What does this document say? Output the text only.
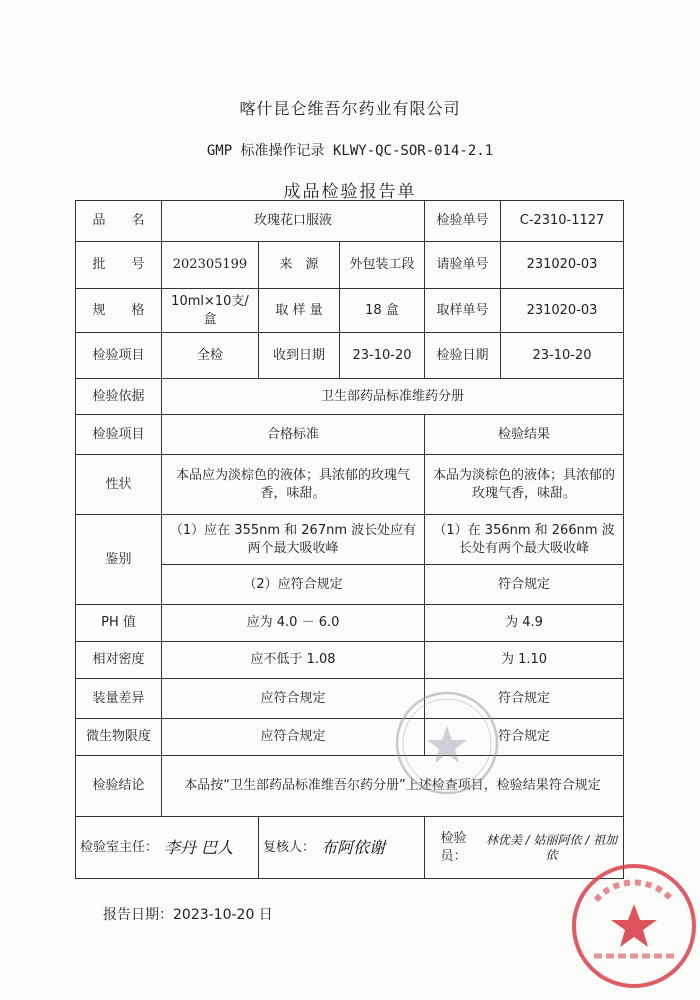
喀什昆仑维吾尔药业有限公司
GMP 标准操作记录 KLWY-QC-SOR-014-2.1
成品检验报告单
品　　名	玫瑰花口服液			检验单号	C-2310-1127
批　　号	202305199	来　源	外包装工段	请验单号	231020-03
规　　格	10ml×10支/盒	取 样 量	18 盒	取样单号	231020-03
检验项目	全检	收到日期	23-10-20	检验日期	23-10-20
检验依据	卫生部药品标准维药分册				
检验项目	合格标准			检验结果	
性状	本品应为淡棕色的液体；具浓郁的玫瑰气香，味甜。			本品为淡棕色的液体；具浓郁的玫瑰气香，味甜。	
鉴别	（1）应在 355nm 和 267nm 波长处应有两个最大吸收峰			（1）在 356nm 和 266nm 波长处有两个最大吸收峰	
	（2）应符合规定			符合规定	
PH 值	应为 4.0 － 6.0			为 4.9	
相对密度	应不低于 1.08			为 1.10	
装量差异	应符合规定			符合规定	
微生物限度	应符合规定			符合规定	
检验结论	本品按“卫生部药品标准维吾尔药分册”上述检查项目，检验结果符合规定				

检验室主任： 李丹 巴人		复核人： 布阿依谢		检验员：
林优美 / 姑丽阿依 / 祖加依	
报告日期：2023-10-20 日
